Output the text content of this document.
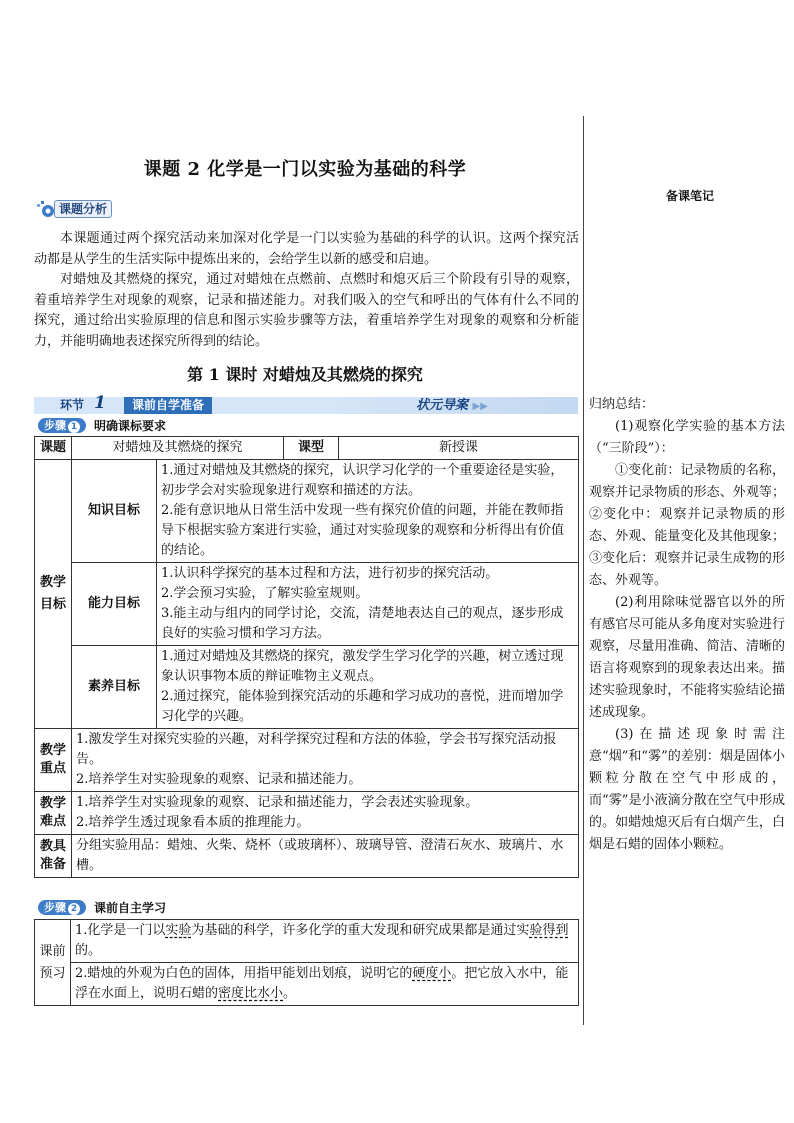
课题 2 化学是一门以实验为基础的科学
备课笔记
课题分析
本课题通过两个探究活动来加深对化学是一门以实验为基础的科学的认识。这两个探究活动都是从学生的生活实际中提炼出来的，会给学生以新的感受和启迪。
对蜡烛及其燃烧的探究，通过对蜡烛在点燃前、点燃时和熄灭后三个阶段有引导的观察，着重培养学生对现象的观察，记录和描述能力。对我们吸入的空气和呼出的气体有什么不同的探究，通过给出实验原理的信息和图示实验步骤等方法，着重培养学生对现象的观察和分析能力，并能明确地表述探究所得到的结论。
第 1 课时 对蜡烛及其燃烧的探究
环节 1	课前自学准备	状元导案 ▶▶
步骤 1	明确课标要求
课题	对蜡烛及其燃烧的探究		课型	新授课
教学目标	知识目标	1.通过对蜡烛及其燃烧的探究，认识学习化学的一个重要途径是实验，初步学会对实验现象进行观察和描述的方法。
2.能有意识地从日常生活中发现一些有探究价值的问题，并能在教师指导下根据实验方案进行实验，通过对实验现象的观察和分析得出有价值的结论。		

	能力目标	1.认识科学探究的基本过程和方法，进行初步的探究活动。
2.学会预习实验，了解实验室规则。
3.能主动与组内的同学讨论，交流，清楚地表达自己的观点，逐步形成良好的实验习惯和学习方法。		

	素养目标	1.通过对蜡烛及其燃烧的探究，激发学生学习化学的兴趣，树立透过现象认识事物本质的辩证唯物主义观点。
2.通过探究，能体验到探究活动的乐趣和学习成功的喜悦，进而增加学习化学的兴趣。		

教学重点	1.激发学生对探究实验的兴趣，对科学探究过程和方法的体验，学会书写探究活动报告。
2.培养学生对实验现象的观察、记录和描述能力。			

教学难点	1.培养学生对实验现象的观察、记录和描述能力，学会表述实验现象。
2.培养学生透过现象看本质的推理能力。			

教具准备	分组实验用品：蜡烛、火柴、烧杯（或玻璃杯）、玻璃导管、澄清石灰水、玻璃片、水槽。			
步骤 2	课前自主学习
课前预习	1.化学是一门以实验为基础的科学，许多化学的重大发现和研究成果都是通过实验得到的。
2.蜡烛的外观为白色的固体，用指甲能划出划痕，说明它的硬度小。把它放入水中，能浮在水面上，说明石蜡的密度比水小。

归纳总结：

(1)观察化学实验的基本方法（“三阶段”）：

①变化前：记录物质的名称，观察并记录物质的形态、外观等；②变化中：观察并记录物质的形态、外观、能量变化及其他现象；③变化后：观察并记录生成物的形态、外观等。

(2)利用除味觉器官以外的所有感官尽可能从多角度对实验进行观察，尽量用准确、简洁、清晰的语言将观察到的现象表达出来。描述实验现象时，不能将实验结论描述成现象。

(3)在描述现象时需注意“烟”和“雾”的差别：烟是固体小颗粒分散在空气中形成的，而“雾”是小液滴分散在空气中形成的。如蜡烛熄灭后有白烟产生，白烟是石蜡的固体小颗粒。
